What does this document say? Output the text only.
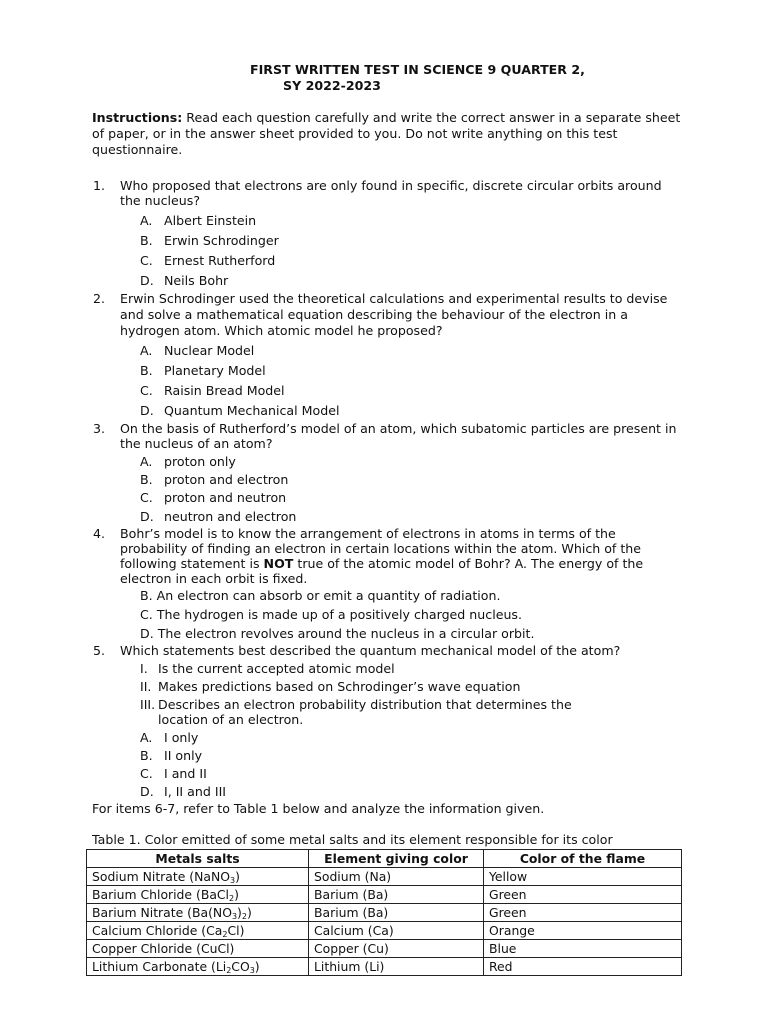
FIRST WRITTEN TEST IN SCIENCE 9 QUARTER 2,
SY 2022-2023
Instructions: Read each question carefully and write the correct answer in a separate sheet of paper, or in the answer sheet provided to you. Do not write anything on this test questionnaire.
1. Who proposed that electrons are only found in specific, discrete circular orbits around the nucleus?
A. Albert Einstein
B. Erwin Schrodinger
C. Ernest Rutherford
D. Neils Bohr
2. Erwin Schrodinger used the theoretical calculations and experimental results to devise and solve a mathematical equation describing the behaviour of the electron in a hydrogen atom. Which atomic model he proposed?
A. Nuclear Model
B. Planetary Model
C. Raisin Bread Model
D. Quantum Mechanical Model
3. On the basis of Rutherford’s model of an atom, which subatomic particles are present in the nucleus of an atom?
A. proton only
B. proton and electron
C. proton and neutron
D. neutron and electron
4. Bohr’s model is to know the arrangement of electrons in atoms in terms of the probability of finding an electron in certain locations within the atom. Which of the following statement is NOT true of the atomic model of Bohr? A. The energy of the electron in each orbit is fixed.
B. An electron can absorb or emit a quantity of radiation.
C. The hydrogen is made up of a positively charged nucleus.
D. The electron revolves around the nucleus in a circular orbit.
5. Which statements best described the quantum mechanical model of the atom?
I. Is the current accepted atomic model
II. Makes predictions based on Schrodinger’s wave equation
III. Describes an electron probability distribution that determines the location of an electron.
A. I only
B. II only
C. I and II
D. I, II and III
For items 6-7, refer to Table 1 below and analyze the information given.
Table 1. Color emitted of some metal salts and its element responsible for its color
Metals salts	Element giving color	Color of the flame
Sodium Nitrate (NaNO$_3$)	Sodium (Na)	Yellow
Barium Chloride (BaCl$_2$)	Barium (Ba)	Green
Barium Nitrate $(Ba(NO_3)_2)$	Barium (Ba)	Green
Calcium Chloride $(Ca_2Cl)$	Calcium (Ca)	Orange
Copper Chloride (CuCl)	Copper (Cu)	Blue
Lithium Carbonate $(Li_2CO_3)$	Lithium (Li)	Red
